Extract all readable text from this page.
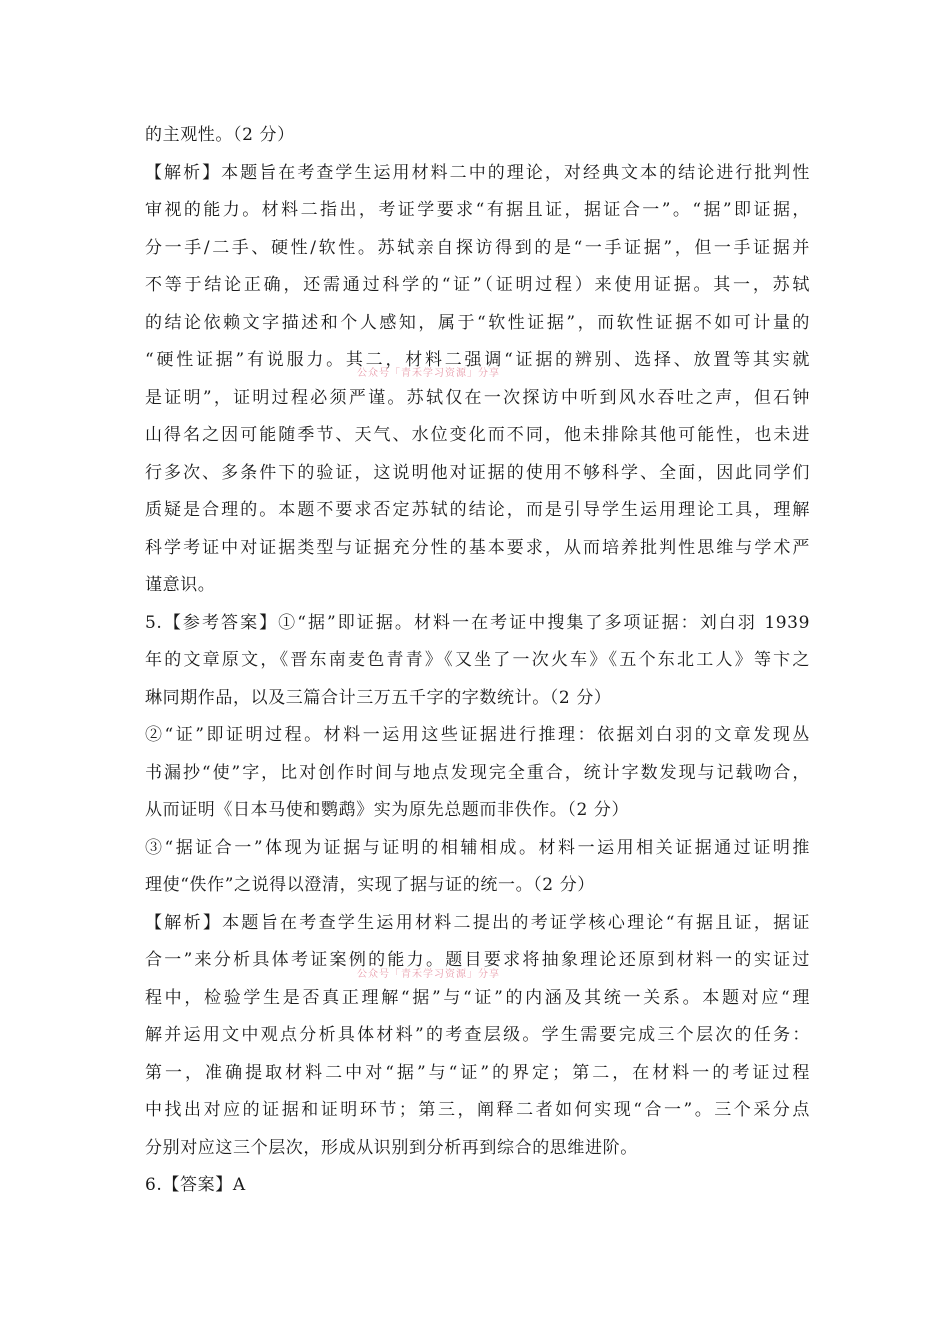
的主观性。（2 分）
【解析】本题旨在考查学生运用材料二中的理论，对经典文本的结论进行批判性
审视的能力。材料二指出，考证学要求“有据且证，据证合一”。“据”即证据，
分一手/二手、硬性/软性。苏轼亲自探访得到的是“一手证据”，但一手证据并
不等于结论正确，还需通过科学的“证”（证明过程）来使用证据。其一，苏轼
的结论依赖文字描述和个人感知，属于“软性证据”，而软性证据不如可计量的
“硬性证据”有说服力。其二，材料二强调“证据的辨别、选择、放置等其实就
是证明”，证明过程必须严谨。苏轼仅在一次探访中听到风水吞吐之声，但石钟
山得名之因可能随季节、天气、水位变化而不同，他未排除其他可能性，也未进
行多次、多条件下的验证，这说明他对证据的使用不够科学、全面，因此同学们
质疑是合理的。本题不要求否定苏轼的结论，而是引导学生运用理论工具，理解
科学考证中对证据类型与证据充分性的基本要求，从而培养批判性思维与学术严
谨意识。
5.【参考答案】①“据”即证据。材料一在考证中搜集了多项证据：刘白羽 1939
年的文章原文，《晋东南麦色青青》《又坐了一次火车》《五个东北工人》等卞之
琳同期作品，以及三篇合计三万五千字的字数统计。（2 分）
②“证”即证明过程。材料一运用这些证据进行推理：依据刘白羽的文章发现丛
书漏抄“使”字，比对创作时间与地点发现完全重合，统计字数发现与记载吻合，
从而证明《日本马使和鹦鹉》实为原先总题而非佚作。（2 分）
③“据证合一”体现为证据与证明的相辅相成。材料一运用相关证据通过证明推
理使“佚作”之说得以澄清，实现了据与证的统一。（2 分）
【解析】本题旨在考查学生运用材料二提出的考证学核心理论“有据且证，据证
合一”来分析具体考证案例的能力。题目要求将抽象理论还原到材料一的实证过
程中，检验学生是否真正理解“据”与“证”的内涵及其统一关系。本题对应“理
解并运用文中观点分析具体材料”的考查层级。学生需要完成三个层次的任务：
第一，准确提取材料二中对“据”与“证”的界定；第二，在材料一的考证过程
中找出对应的证据和证明环节；第三，阐释二者如何实现“合一”。三个采分点
分别对应这三个层次，形成从识别到分析再到综合的思维进阶。
6.【答案】A
公众号「青禾学习资源」分享
公众号「青禾学习资源」分享
